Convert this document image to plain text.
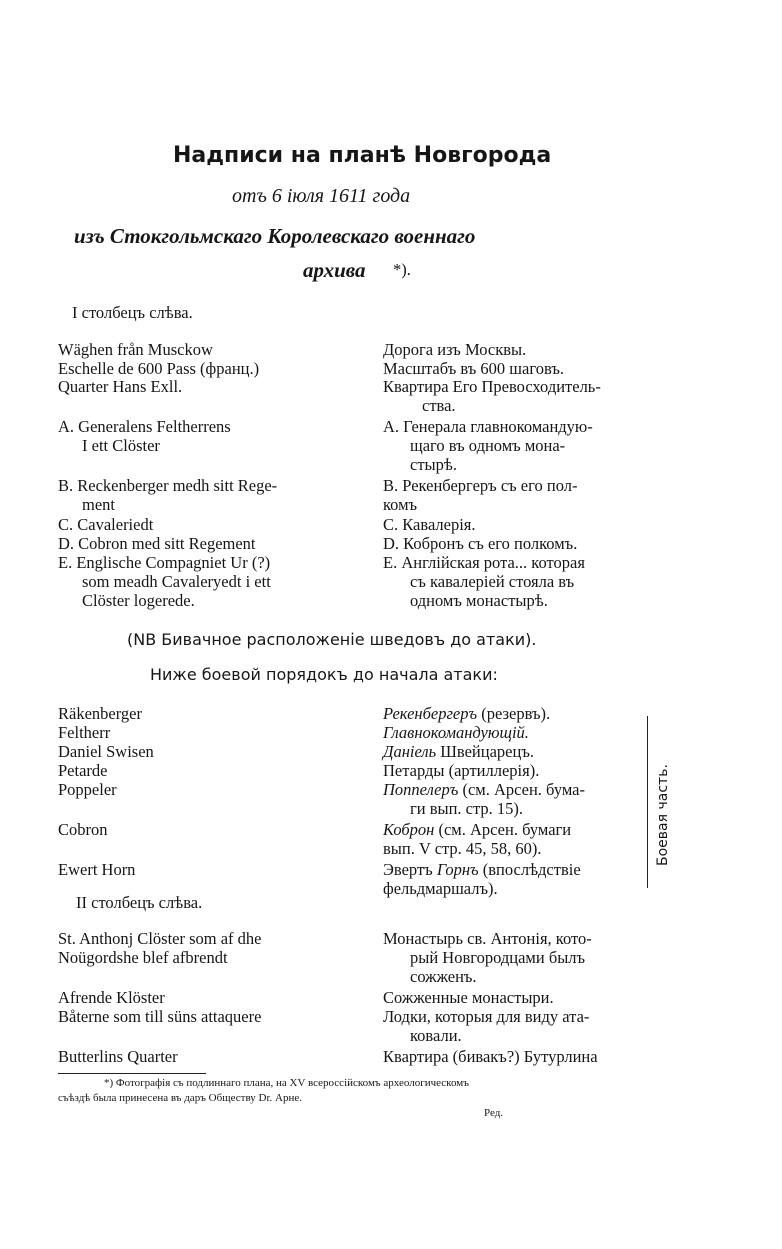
Надписи на планѣ Новгорода
отъ 6 іюля 1611 года
изъ Стокгольмскаго Королевскаго военнаго
архива *).
I столбецъ слѣва.
Wäghen från Musckow
Eschelle de 600 Pass (франц.)
Quarter Hans Exll.
A. Generalens Feltherrens
I ett Clöster
B. Reckenberger medh sitt Rege-
ment
C. Cavaleriedt
D. Cobron med sitt Regement
E. Englische Compagniet Ur (?)
som meadh Cavaleryedt i ett
Clöster logerede.
Дорога изъ Москвы.
Масштабъ въ 600 шаговъ.
Квартира Его Превосходитель-
ства.
A. Генерала главнокомандую-
щаго въ одномъ мона-
стырѣ.
B. Рекенбергеръ съ его пол-
комъ
C. Кавалерія.
D. Кобронъ съ его полкомъ.
E. Англійская рота... которая
съ кавалеріей стояла въ
одномъ монастырѣ.
(NB Бивачное расположеніе шведовъ до атаки).
Ниже боевой порядокъ до начала атаки:
Räkenberger
Feltherr
Daniel Swisen
Petarde
Poppeler
Cobron
Ewert Horn
Рекенбергеръ (резервъ).
Главнокомандующій.
Даніель Швейцарецъ.
Петарды (артиллерія).
Поппелеръ (см. Арсен. бума-
ги вып. стр. 15).
Коброн (см. Арсен. бумаги
вып. V стр. 45, 58, 60).
Эвертъ Горнъ (впослѣдствіе
фельдмаршалъ).
Боевая часть.
II столбецъ слѣва.
St. Anthonj Clöster som af dhe
Noügordshe blef afbrendt
Afrende Klöster
Båterne som till süns attaquere
Butterlins Quarter
Монастырь св. Антонія, кото-
рый Новгородцами былъ
сожженъ.
Сожженные монастыри.
Лодки, которыя для виду ата-
ковали.
Квартира (бивакъ?) Бутурлина
*) Фотографія съ подлиннаго плана, на XV всероссійскомъ археологическомъ
съѣздѣ была принесена въ даръ Обществу Dr. Арне.
Ред.
